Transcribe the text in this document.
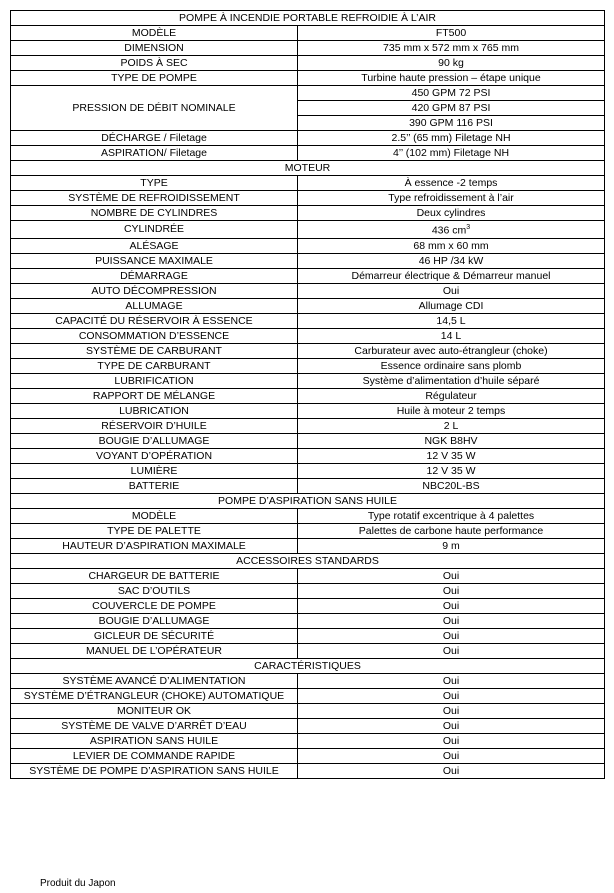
POMPE À INCENDIE PORTABLE REFROIDIE À L’AIR	
MODÈLE	FT500
DIMENSION	735 mm x 572 mm x 765 mm
POIDS À SEC	90 kg
TYPE DE POMPE	Turbine haute pression – étape unique
PRESSION DE DÉBIT NOMINALE	450 GPM 72 PSI
	420 GPM 87 PSI
	390 GPM 116 PSI
DÉCHARGE / Filetage	2.5’’ (65 mm) Filetage NH
ASPIRATION/ Filetage	4’’ (102 mm) Filetage NH
MOTEUR	
TYPE	À essence -2 temps
SYSTÈME DE REFROIDISSEMENT	Type refroidissement à l’air
NOMBRE DE CYLINDRES	Deux cylindres
CYLINDRÉE	436 $cm^3$
ALÉSAGE	68 mm x 60 mm
PUISSANCE MAXIMALE	46 HP /34 kW
DÉMARRAGE	Démarreur électrique & Démarreur manuel
AUTO DÉCOMPRESSION	Oui
ALLUMAGE	Allumage CDI
CAPACITÉ DU RÉSERVOIR À ESSENCE	14,5 L
CONSOMMATION D’ESSENCE	14 L
SYSTÈME DE CARBURANT	Carburateur avec auto-étrangleur (choke)
TYPE DE CARBURANT	Essence ordinaire sans plomb
LUBRIFICATION	Système d’alimentation d’huile séparé
RAPPORT DE MÉLANGE	Régulateur
LUBRICATION	Huile à moteur 2 temps
RÉSERVOIR D’HUILE	2 L
BOUGIE D’ALLUMAGE	NGK B8HV
VOYANT D’OPÉRATION	12 V 35 W
LUMIÈRE	12 V 35 W
BATTERIE	NBC20L-BS
POMPE D’ASPIRATION SANS HUILE	
MODÈLE	Type rotatif excentrique à 4 palettes
TYPE DE PALETTE	Palettes de carbone haute performance
HAUTEUR D’ASPIRATION MAXIMALE	9 m
ACCESSOIRES STANDARDS	
CHARGEUR DE BATTERIE	Oui
SAC D’OUTILS	Oui
COUVERCLE DE POMPE	Oui
BOUGIE D’ALLUMAGE	Oui
GICLEUR DE SÉCURITÉ	Oui
MANUEL DE L’OPÉRATEUR	Oui
CARACTÉRISTIQUES	
SYSTÈME AVANCÉ D’ALIMENTATION	Oui
SYSTÈME D’ÉTRANGLEUR (CHOKE) AUTOMATIQUE	Oui
MONITEUR OK	Oui
SYSTÈME DE VALVE D’ARRÊT D’EAU	Oui
ASPIRATION SANS HUILE	Oui
LEVIER DE COMMANDE RAPIDE	Oui
SYSTÈME DE POMPE D’ASPIRATION SANS HUILE	Oui
Produit du Japon
